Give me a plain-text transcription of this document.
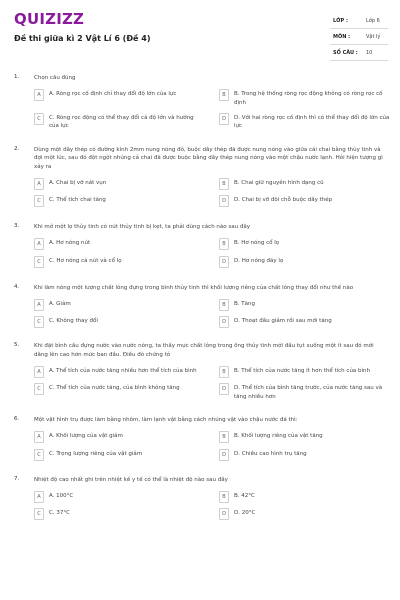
QUIZIZZ
Đề thi giữa kì 2 Vật Lí 6 (Đề 4)
LỚP :	Lớp 6
MÔN :	Vật lý
SỐ CÂU : 10
1.	Chọn câu đúng
A	A. Ròng rọc cố định chỉ thay đổi độ lớn của lực	B	B. Trong hệ thống ròng rọc động không có ròng rọc cố định
C	C. Ròng rọc động có thể thay đổi cả độ lớn và hướng của lực
D	D. Với hai ròng rọc cố định thì có thể thay đổi độ lớn của lực
2.	Dùng một dây thép có đường kính 2mm nung nóng đỏ, buộc dây thép đã được nung nóng vào giữa cái chai bằng thủy tinh và đợi một lúc, sau đó đột ngột nhúng cả chai đã được buộc bằng dây thép nung nóng vào một chậu nước lạnh. Hỏi hiện tượng gì xảy ra
A	A. Chai bị vỡ nát vụn	B	B. Chai giữ nguyên hình dạng cũ
C	C. Thể tích chai tăng	D	D. Chai bị vỡ đôi chỗ buộc dây thép
3.	Khi mở một lọ thủy tinh có nút thủy tinh bị kẹt, ta phải dùng cách nào sau đây
A	A. Hơ nóng nút	B	B. Hơ nóng cổ lọ
C	C. Hơ nóng cả nút và cổ lọ	D	D. Hơ nóng đáy lọ
4.	Khi làm nóng một lượng chất lỏng đựng trong bình thủy tinh thì khối lượng riêng của chất lỏng thay đổi như thế nào
A	A. Giảm	B	B. Tăng
C	C. Không thay đổi	D	D. Thoạt đầu giảm rồi sau mới tăng
5.	Khi đặt bình cầu đựng nước vào nước nóng, ta thấy mực chất lỏng trong ống thủy tinh mới đầu tụt xuống một ít sau đó mới dâng lên cao hơn mức ban đầu. Điều đó chứng tỏ
A	A. Thể tích của nước tăng nhiều hơn thể tích của bình	B	B. Thể tích của nước tăng ít hơn thể tích của bình
C	C. Thể tích của nước tăng, của bình không tăng	D	D. Thể tích của bình tăng trước, của nước tăng sau và tăng nhiều hơn
6.	Một vật hình trụ được làm bằng nhôm, làm lạnh vật bằng cách nhúng vật vào chậu nước đá thì:
A	A. Khối lượng của vật giảm	B	B. Khối lượng riêng của vật tăng
C	C. Trọng lượng riêng của vật giảm	D	D. Chiều cao hình trụ tăng
7.	Nhiệt độ cao nhất ghi trên nhiệt kế y tế có thể là nhiệt độ nào sau đây
A	A. 100°C	B	B. 42°C
C	C. 37°C	D	D. 20°C
